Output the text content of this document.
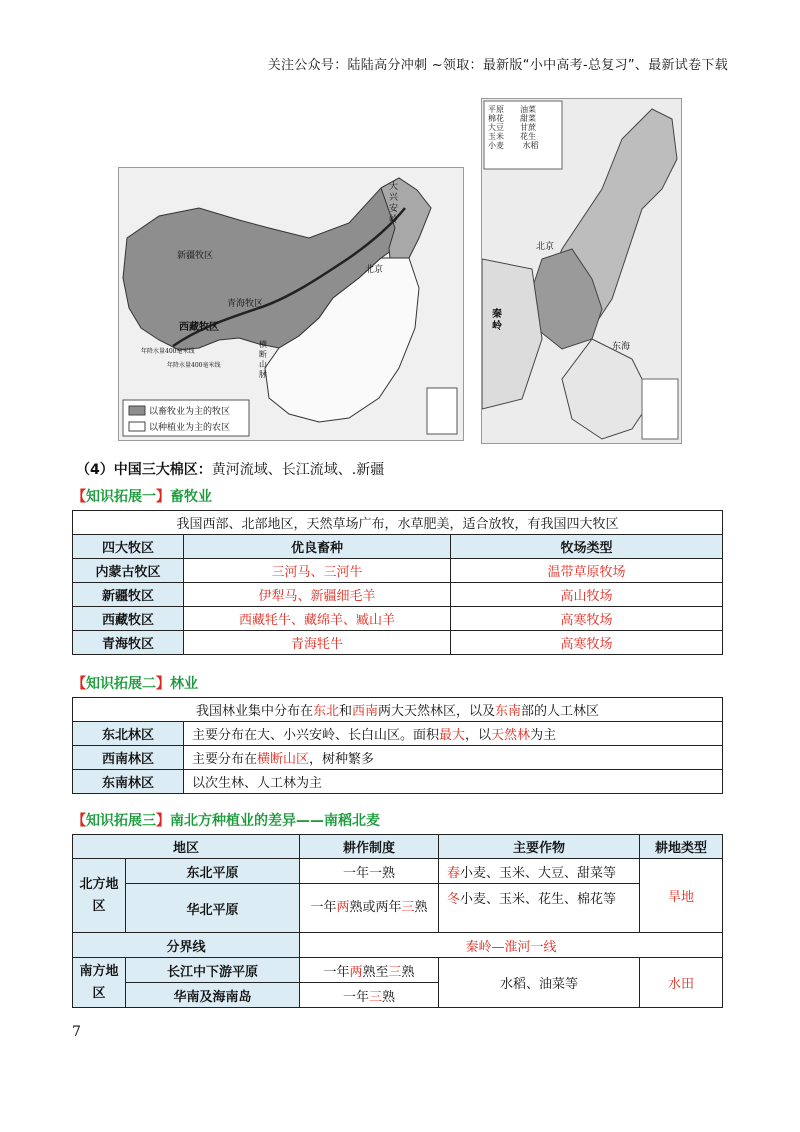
关注公众号：陆陆高分冲刺 ~领取：最新版“小中高考-总复习”、最新试卷下载
新疆牧区
青海牧区
西藏牧区
大兴安岭
北京
横断山脉
年降水量400毫米线
年降水量400毫米线
以畜牧业为主的牧区
以种植业为主的农区
平原 油菜 棉花 甜菜 大豆 甘蔗 玉米 花生 小麦 水稻
北京
秦岭
东海
（4）中国三大棉区：黄河流域、长江流域、.新疆
【知识拓展一】畜牧业
我国西部、北部地区，天然草场广布，水草肥美，适合放牧，有我国四大牧区		
四大牧区	优良畜种	牧场类型
内蒙古牧区	三河马、三河牛	温带草原牧场
新疆牧区	伊犁马、新疆细毛羊	高山牧场
西藏牧区	西藏牦牛、藏绵羊、臧山羊	高寒牧场
青海牧区	青海牦牛	高寒牧场
【知识拓展二】林业
我国林业集中分布在东北和西南两大天然林区，以及东南部的人工林区	
东北林区	主要分布在大、小兴安岭、长白山区。面积最大，以天然林为主
西南林区	主要分布在横断山区，树种繁多
东南林区	以次生林、人工林为主
【知识拓展三】南北方种植业的差异——南稻北麦
地区		耕作制度	主要作物	耕地类型
北方地区	东北平原	一年一熟	春小麦、玉米、大豆、甜菜等	旱地
	华北平原	一年两熟或两年三熟	冬小麦、玉米、花生、棉花等	
分界线		秦岭—淮河一线		
南方地区	长江中下游平原	一年两熟至三熟	水稻、油菜等	水田
	华南及海南岛	一年三熟		
7
